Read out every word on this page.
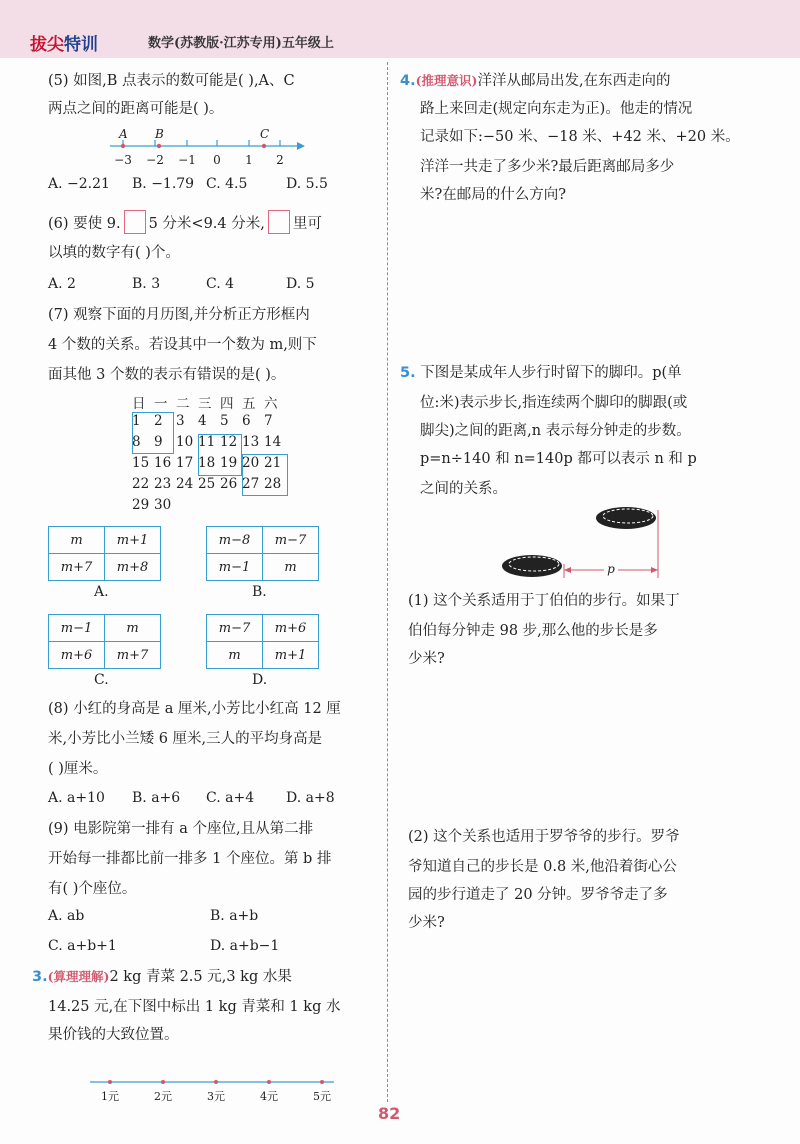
拔尖特训	数学(苏教版·江苏专用)五年级上
(5) 如图,B 点表示的数可能是( ),A、C
两点之间的距离可能是( )。
A B	C
−3 −2 −1 0 1 2
A. −2.21 B. −1.79 C. 4.5	D. 5.5
(6) 要使 9. 5 分米<9.4 分米, 里可
以填的数字有( )个。
A. 2	B. 3	C. 4	D. 5
(7) 观察下面的月历图,并分析正方形框内
4 个数的关系。若设其中一个数为 m,则下
面其他 3 个数的表示有错误的是( )。
日 一 二 三 四 五 六
1 2 3 4 5 6 7
8 9 10 11 12 13 14
15 16 17 18 19 20 21
22 23 24 25 26 27 28
29 30
m	m+1
m+7	m+8
A.
m−8	m−7
m−1	m
B.
m−1	m
m+6	m+7
C.
m−7	m+6
m	m+1
D.
(8) 小红的身高是 a 厘米,小芳比小红高 12 厘
米,小芳比小兰矮 6 厘米,三人的平均身高是
( )厘米。
A. a+10 B. a+6 C. a+4 D. a+8
(9) 电影院第一排有 a 个座位,且从第二排
开始每一排都比前一排多 1 个座位。第 b 排
有( )个座位。
A. ab	B. a+b
C. a+b+1	D. a+b−1
3.(算理理解)2 kg 青菜 2.5 元,3 kg 水果
14.25 元,在下图中标出 1 kg 青菜和 1 kg 水
果价钱的大致位置。
1元	2元	3元	4元	5元
82
4.(推理意识)洋洋从邮局出发,在东西走向的
路上来回走(规定向东走为正)。他走的情况
记录如下:−50 米、−18 米、+42 米、+20 米。
洋洋一共走了多少米?最后距离邮局多少
米?在邮局的什么方向?
5. 下图是某成年人步行时留下的脚印。p(单
位:米)表示步长,指连续两个脚印的脚跟(或
脚尖)之间的距离,n 表示每分钟走的步数。
p=n÷140 和 n=140p 都可以表示 n 和 p
之间的关系。
p
(1) 这个关系适用于丁伯伯的步行。如果丁
伯伯每分钟走 98 步,那么他的步长是多
少米?
(2) 这个关系也适用于罗爷爷的步行。罗爷
爷知道自己的步长是 0.8 米,他沿着街心公
园的步行道走了 20 分钟。罗爷爷走了多
少米?
